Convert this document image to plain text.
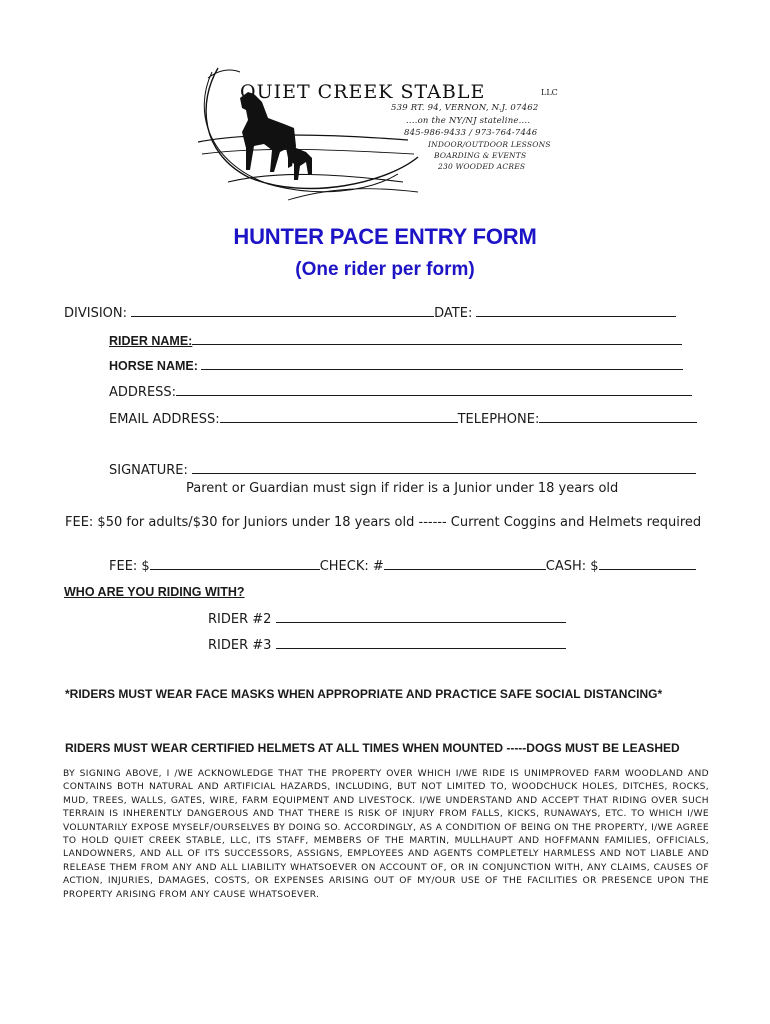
QUIET CREEK STABLE	LLC
539 RT. 94, VERNON, N.J. 07462
....on the NY/NJ stateline....
845-986-9433 / 973-764-7446
INDOOR/OUTDOOR LESSONS
BOARDING & EVENTS
230 WOODED ACRES
HUNTER PACE ENTRY FORM
(One rider per form)
DIVISION:	DATE:
RIDER NAME:
HORSE NAME:
ADDRESS:
EMAIL ADDRESS:	TELEPHONE:
SIGNATURE:
Parent or Guardian must sign if rider is a Junior under 18 years old
FEE: $50 for adults/$30 for Juniors under 18 years old ------ Current Coggins and Helmets required
FEE: $	CHECK: #	CASH: $
WHO ARE YOU RIDING WITH?
RIDER #2
RIDER #3
*RIDERS MUST WEAR FACE MASKS WHEN APPROPRIATE AND PRACTICE SAFE SOCIAL DISTANCING*
RIDERS MUST WEAR CERTIFIED HELMETS AT ALL TIMES WHEN MOUNTED -----DOGS MUST BE LEASHED
BY SIGNING ABOVE, I /WE ACKNOWLEDGE THAT THE PROPERTY OVER WHICH I/WE RIDE IS UNIMPROVED FARM WOODLAND AND CONTAINS BOTH NATURAL AND ARTIFICIAL HAZARDS, INCLUDING, BUT NOT LIMITED TO, WOODCHUCK HOLES, DITCHES, ROCKS, MUD, TREES, WALLS, GATES, WIRE, FARM EQUIPMENT AND LIVESTOCK. I/WE UNDERSTAND AND ACCEPT THAT RIDING OVER SUCH TERRAIN IS INHERENTLY DANGEROUS AND THAT THERE IS RISK OF INJURY FROM FALLS, KICKS, RUNAWAYS, ETC. TO WHICH I/WE VOLUNTARILY EXPOSE MYSELF/OURSELVES BY DOING SO. ACCORDINGLY, AS A CONDITION OF BEING ON THE PROPERTY, I/WE AGREE TO HOLD QUIET CREEK STABLE, LLC, ITS STAFF, MEMBERS OF THE MARTIN, MULLHAUPT AND HOFFMANN FAMILIES, OFFICIALS, LANDOWNERS, AND ALL OF ITS SUCCESSORS, ASSIGNS, EMPLOYEES AND AGENTS COMPLETELY HARMLESS AND NOT LIABLE AND RELEASE THEM FROM ANY AND ALL LIABILITY WHATSOEVER ON ACCOUNT OF, OR IN CONJUNCTION WITH, ANY CLAIMS, CAUSES OF ACTION, INJURIES, DAMAGES, COSTS, OR EXPENSES ARISING OUT OF MY/OUR USE OF THE FACILITIES OR PRESENCE UPON THE PROPERTY ARISING FROM ANY CAUSE WHATSOEVER.
